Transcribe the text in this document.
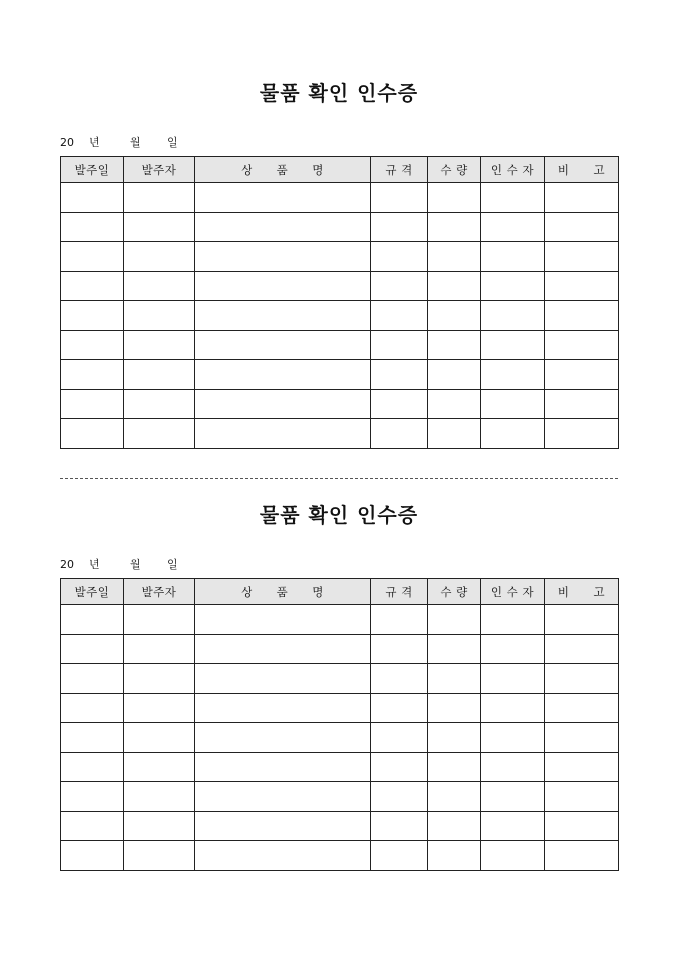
물품 확인 인수증
20 년	월 일
발주일	발주자	상　　품　　명	규 격	수 량	인 수 자	비　　고

물품 확인 인수증
20 년	월 일
발주일	발주자	상　　품　　명	규 격	수 량	인 수 자	비　　고
